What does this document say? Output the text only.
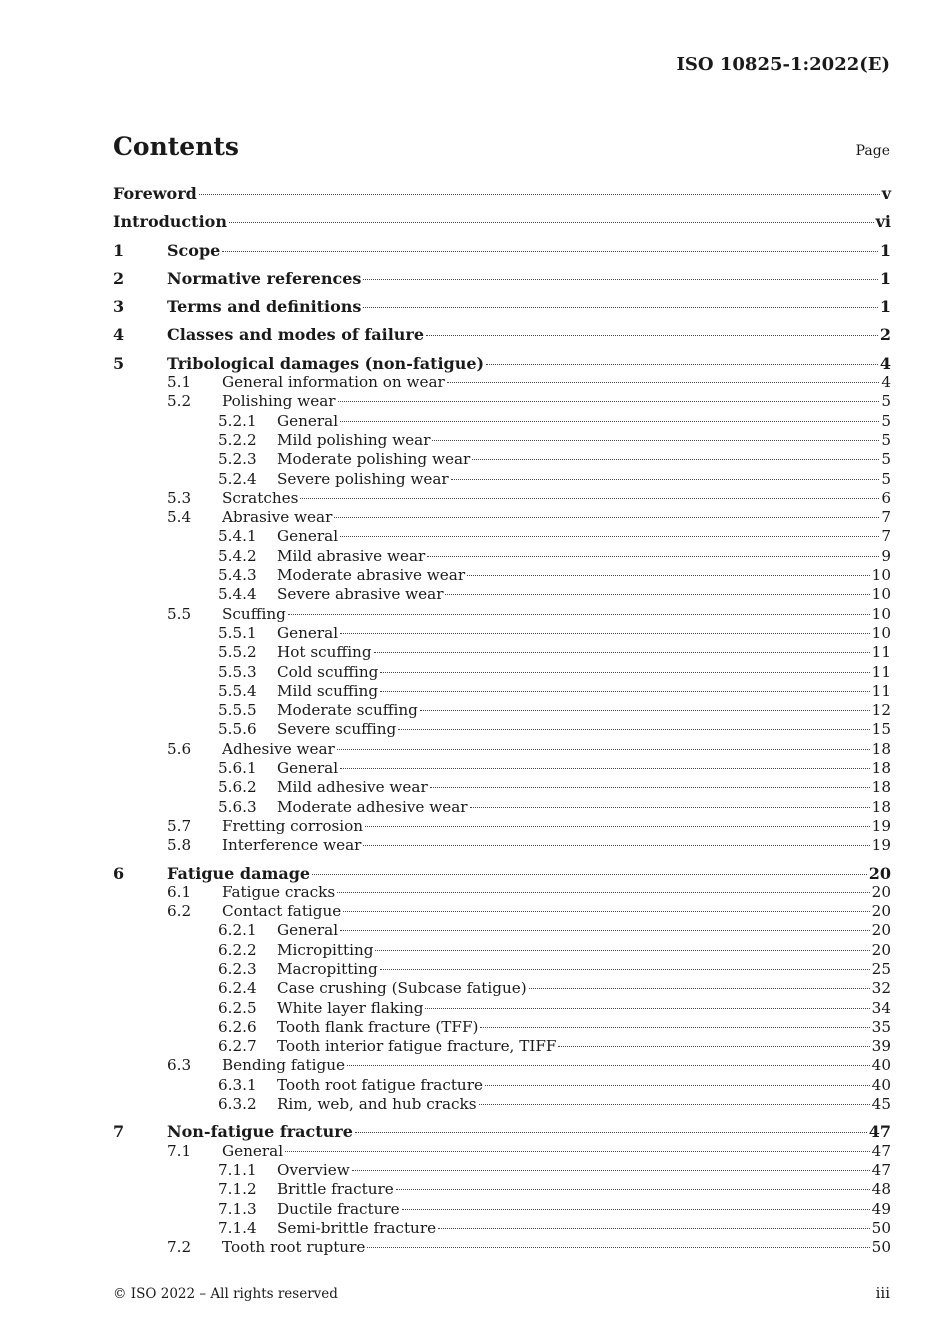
ISO 10825-1:2022(E)
Contents	Page
Foreword	v
Introduction	vi
1	Scope	1
2	Normative references	1
3	Terms and definitions	1
4	Classes and modes of failure	2
5	Tribological damages (non-fatigue)	4
5.1	General information on wear	4
5.2	Polishing wear	5
5.2.1	General	5
5.2.2	Mild polishing wear	5
5.2.3	Moderate polishing wear	5
5.2.4	Severe polishing wear	5
5.3	Scratches	6
5.4	Abrasive wear	7
5.4.1	General	7
5.4.2	Mild abrasive wear	9
5.4.3	Moderate abrasive wear	10
5.4.4	Severe abrasive wear	10
5.5	Scuffing	10
5.5.1	General	10
5.5.2	Hot scuffing	11
5.5.3	Cold scuffing	11
5.5.4	Mild scuffing	11
5.5.5	Moderate scuffing	12
5.5.6	Severe scuffing	15
5.6	Adhesive wear	18
5.6.1	General	18
5.6.2	Mild adhesive wear	18
5.6.3	Moderate adhesive wear	18
5.7	Fretting corrosion	19
5.8	Interference wear	19
6	Fatigue damage	20
6.1	Fatigue cracks	20
6.2	Contact fatigue	20
6.2.1	General	20
6.2.2	Micropitting	20
6.2.3	Macropitting	25
6.2.4	Case crushing (Subcase fatigue)	32
6.2.5	White layer flaking	34
6.2.6	Tooth flank fracture (TFF)	35
6.2.7	Tooth interior fatigue fracture, TIFF	39
6.3	Bending fatigue	40
6.3.1	Tooth root fatigue fracture	40
6.3.2	Rim, web, and hub cracks	45
7	Non-fatigue fracture	47
7.1	General	47
7.1.1	Overview	47
7.1.2	Brittle fracture	48
7.1.3	Ductile fracture	49
7.1.4	Semi-brittle fracture	50
7.2	Tooth root rupture	50
© ISO 2022 – All rights reserved	iii
